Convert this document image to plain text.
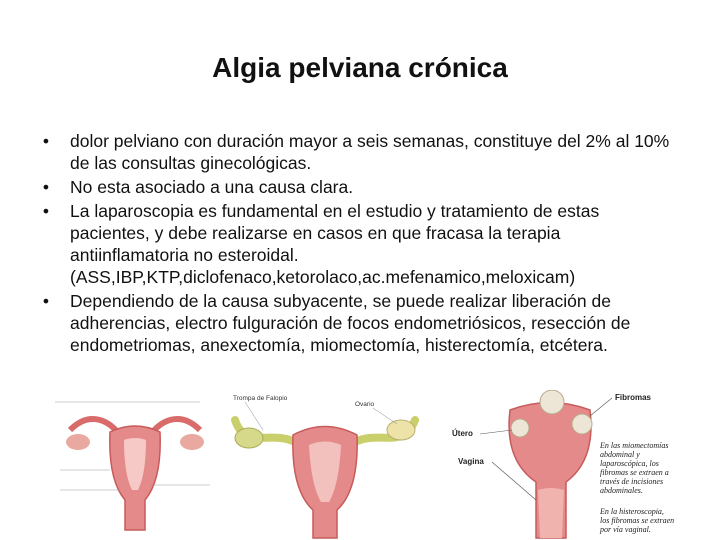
Algia pelviana crónica
•	dolor pelviano con duración mayor a seis semanas, constituye del 2% al 10% de las consultas ginecológicas.
•	No esta asociado a una causa clara.
•	La laparoscopia es fundamental en el estudio y tratamiento de estas pacientes, y debe realizarse en casos en que fracasa la terapia antiinflamatoria no esteroidal. (ASS,IBP,KTP,diclofenaco,ketorolaco,ac.mefenamico,meloxicam)
•	Dependiendo de la causa subyacente, se puede realizar liberación de adherencias, electro fulguración de focos endometriósicos, resección de endometriomas, anexectomía, miomectomía, histerectomía, etcétera.
Trompa de Falopio
Ovario
Fibromas
Útero
Vagina
En las miomectomías abdominal y laparoscópica, los fibromas se extraen a través de incisiones abdominales.
En la histeroscopia, los fibromas se extraen por vía vaginal.
